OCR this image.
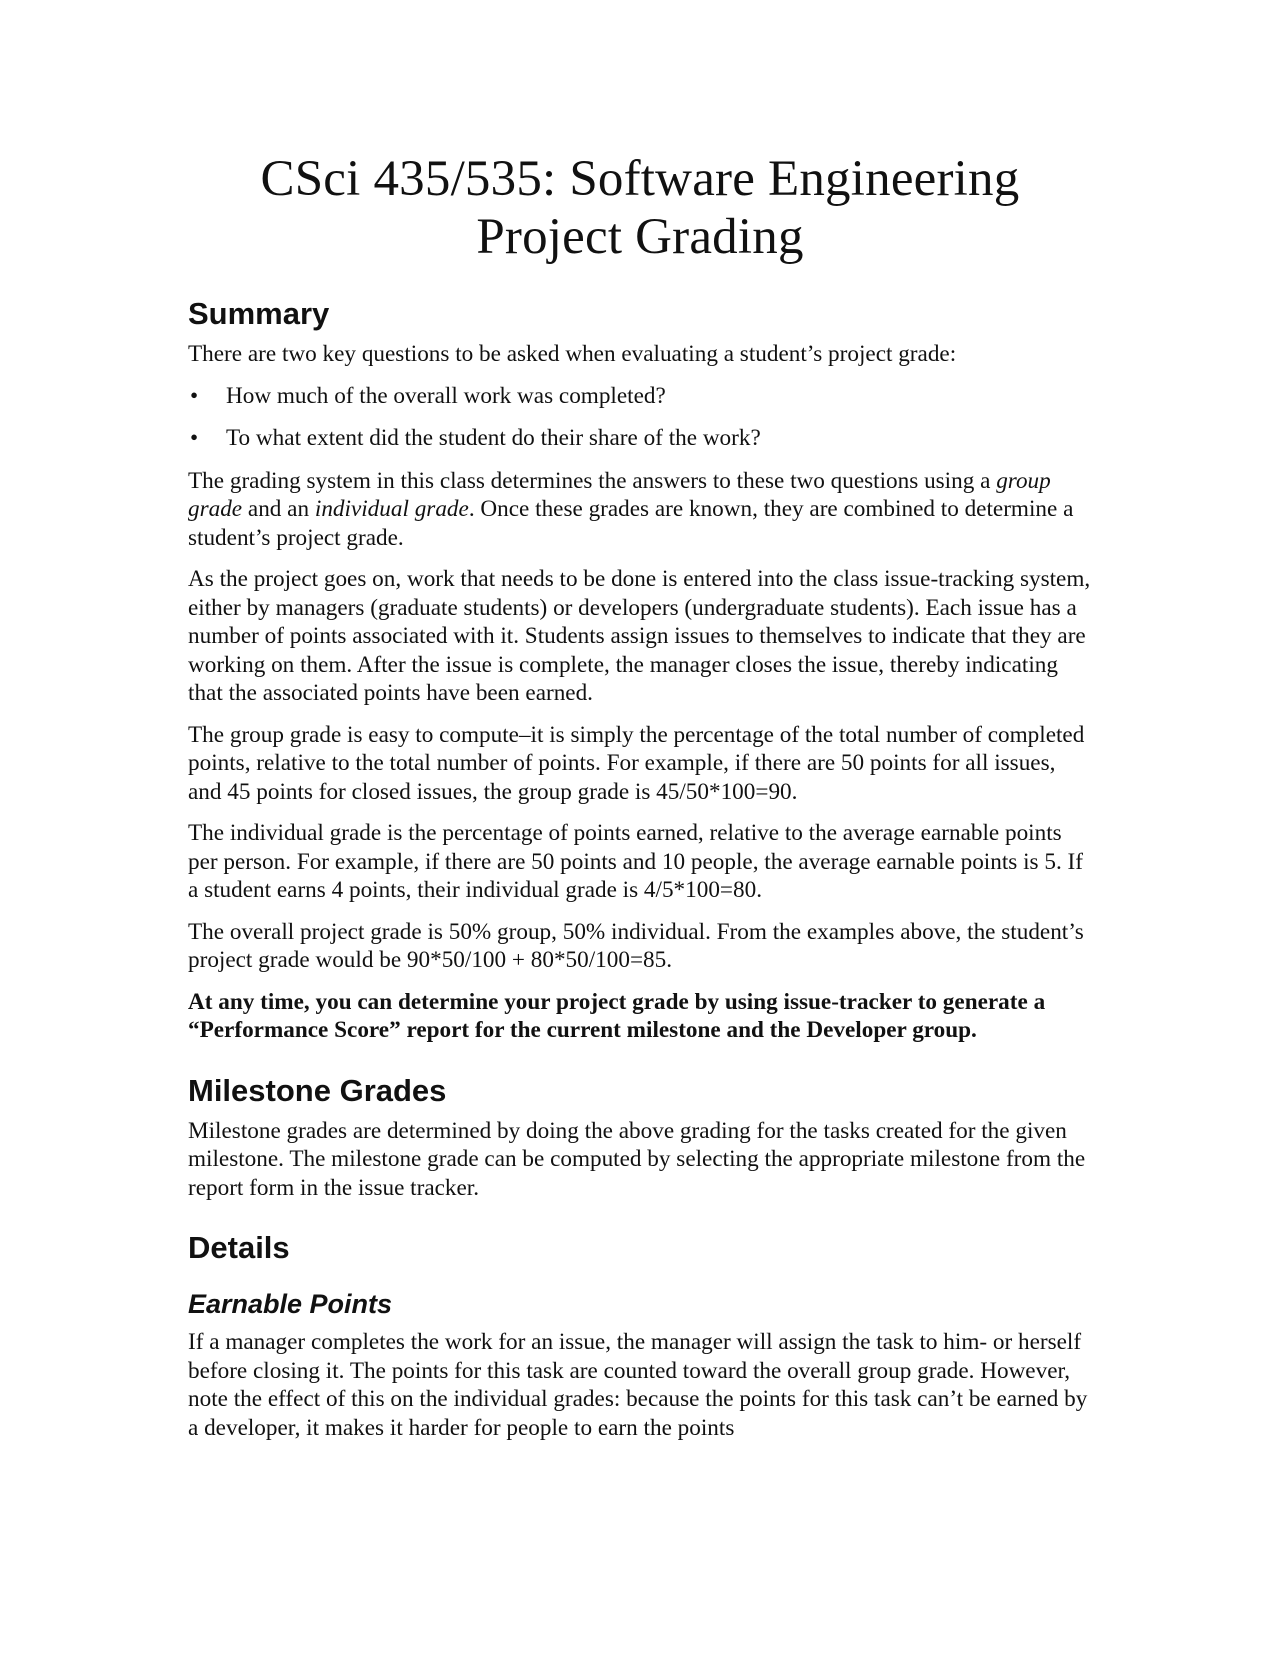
CSci 435/535: Software Engineering
Project Grading
Summary

There are two key questions to be asked when evaluating a student’s project grade:

• How much of the overall work was completed?
• To what extent did the student do their share of the work?

The grading system in this class determines the answers to these two questions using a group grade and an individual grade. Once these grades are known, they are combined to determine a student’s project grade.

As the project goes on, work that needs to be done is entered into the class issue-tracking system, either by managers (graduate students) or developers (undergraduate students). Each issue has a number of points associated with it. Students assign issues to themselves to indicate that they are working on them. After the issue is complete, the manager closes the issue, thereby indicating that the associated points have been earned.

The group grade is easy to compute–it is simply the percentage of the total number of completed points, relative to the total number of points. For example, if there are 50 points for all issues, and 45 points for closed issues, the group grade is 45/50*100=90.

The individual grade is the percentage of points earned, relative to the average earnable points per person. For example, if there are 50 points and 10 people, the average earnable points is 5. If a student earns 4 points, their individual grade is 4/5*100=80.

The overall project grade is 50% group, 50% individual. From the examples above, the student’s project grade would be 90*50/100 + 80*50/100=85.

At any time, you can determine your project grade by using issue-tracker to generate a “Performance Score” report for the current milestone and the Developer group.

Milestone Grades

Milestone grades are determined by doing the above grading for the tasks created for the given milestone. The milestone grade can be computed by selecting the appropriate milestone from the report form in the issue tracker.

Details
Earnable Points

If a manager completes the work for an issue, the manager will assign the task to him- or herself before closing it. The points for this task are counted toward the overall group grade. However, note the effect of this on the individual grades: because the points for this task can’t be earned by a developer, it makes it harder for people to earn the points
